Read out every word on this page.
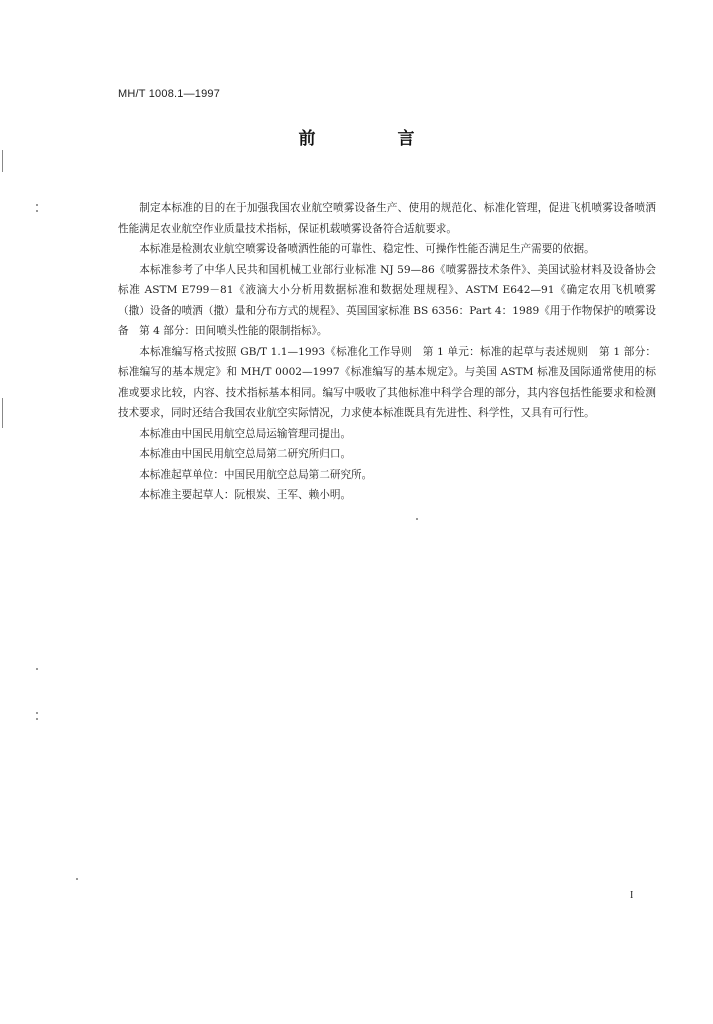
MH/T 1008.1—1997
前 言

制定本标准的目的在于加强我国农业航空喷雾设备生产、使用的规范化、标准化管理，促进飞机喷雾设备喷洒性能满足农业航空作业质量技术指标，保证机载喷雾设备符合适航要求。

本标准是检测农业航空喷雾设备喷洒性能的可靠性、稳定性、可操作性能否满足生产需要的依据。

本标准参考了中华人民共和国机械工业部行业标准 NJ 59—86《喷雾器技术条件》、美国试验材料及设备协会标准 ASTM E799－81《液滴大小分析用数据标准和数据处理规程》、ASTM E642—91《确定农用飞机喷雾（撒）设备的喷洒（撒）量和分布方式的规程》、英国国家标准 BS 6356：Part 4：1989《用于作物保护的喷雾设备　第 4 部分：田间喷头性能的限制指标》。

本标准编写格式按照 GB/T 1.1—1993《标准化工作导则　第 1 单元：标准的起草与表述规则　第 1 部分：标准编写的基本规定》和 MH/T 0002—1997《标准编写的基本规定》。与美国 ASTM 标准及国际通常使用的标准或要求比较，内容、技术指标基本相同。编写中吸收了其他标准中科学合理的部分，其内容包括性能要求和检测技术要求，同时还结合我国农业航空实际情况，力求使本标准既具有先进性、科学性，又具有可行性。

本标准由中国民用航空总局运输管理司提出。

本标准由中国民用航空总局第二研究所归口。

本标准起草单位：中国民用航空总局第二研究所。

本标准主要起草人：阮根炭、王军、赖小明。

I
